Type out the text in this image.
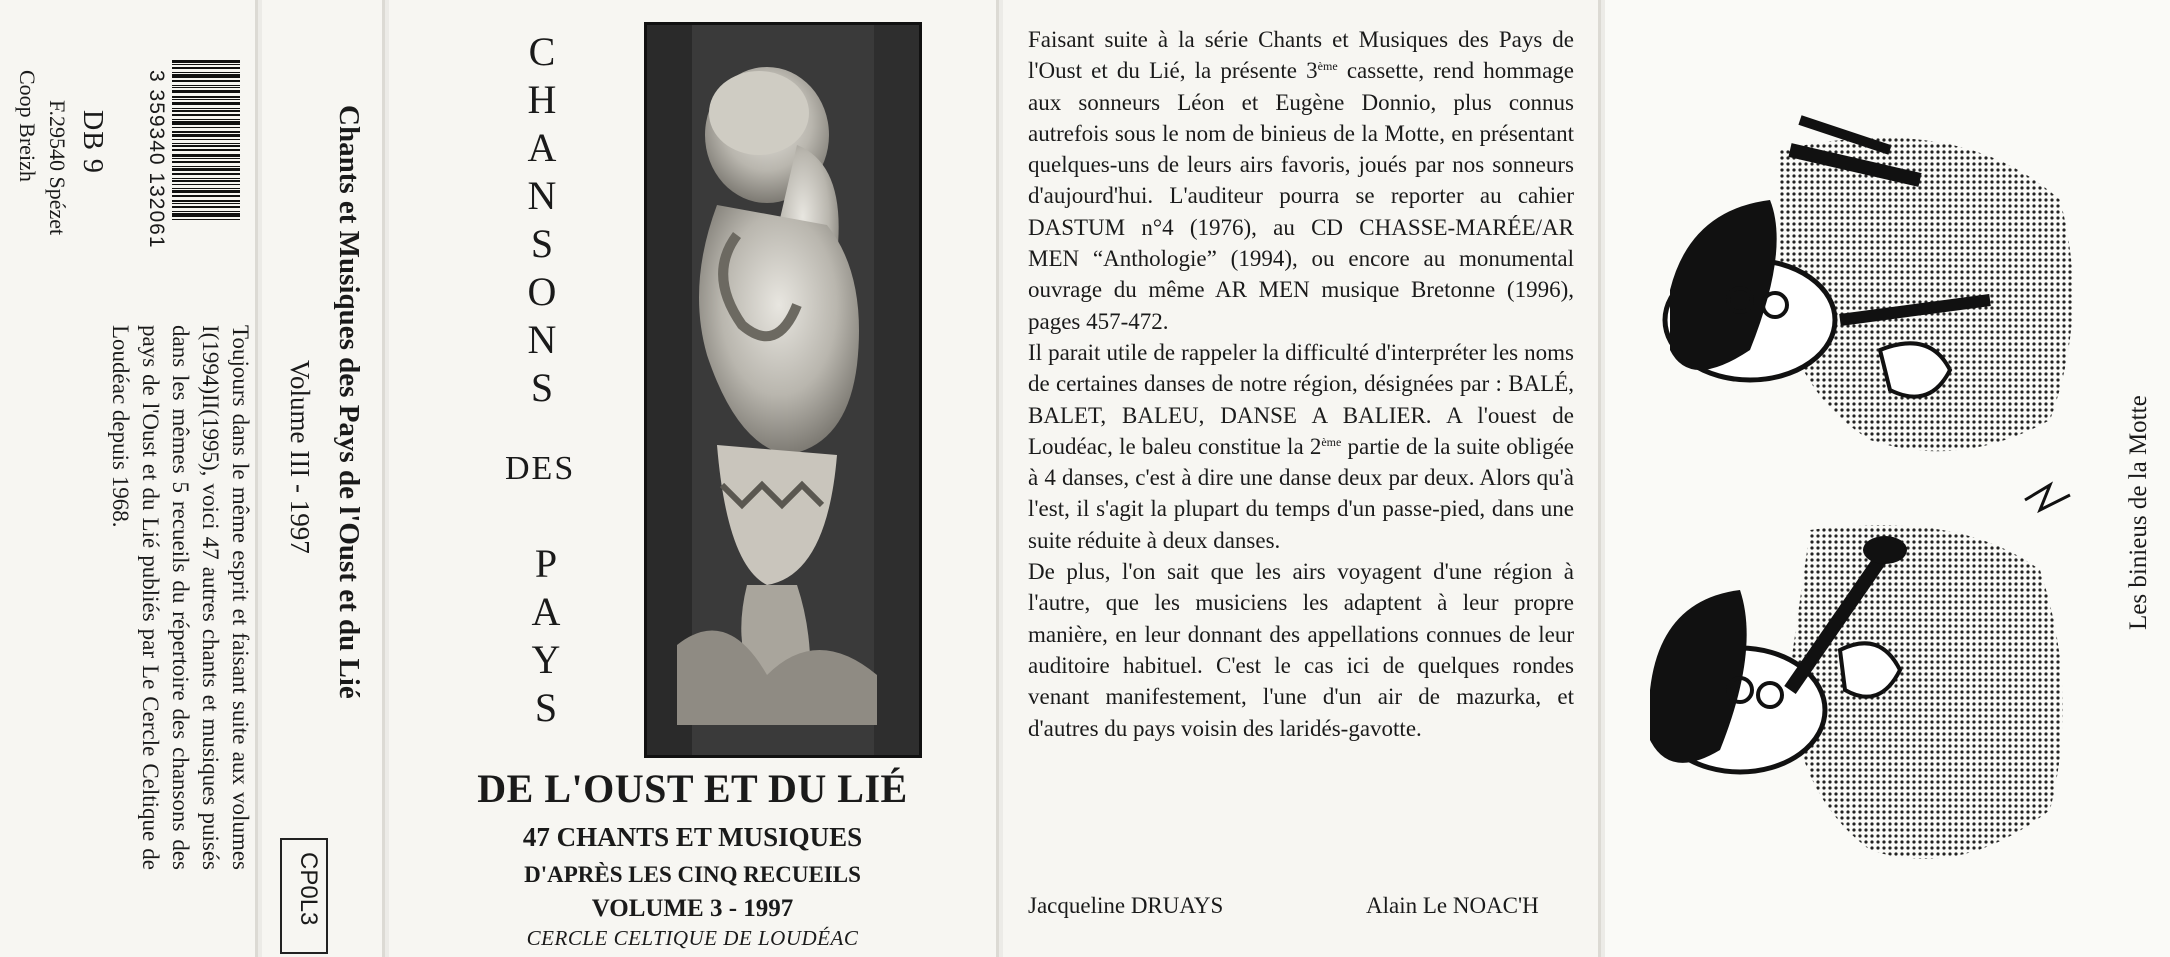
Coop Breizh F.29540 Spézet DB 9 3 359340 132061
Toujours dans le même esprit et faisant suite aux volumes I(1994)II(1995), voici 47 autres chants et musiques puisés dans les mêmes 5 recueils du répertoire des chansons des pays de l'Oust et du Lié publiés par Le Cercle Celtique de Loudéac depuis 1968.	Chants et Musiques des Pays de l'Oust et du Lié
Volume III - 1997
CP0L3
C
H
A
N
S
O
N
S
DES
P
A
Y
S
DE L'OUST ET DU LIÉ
47 CHANTS ET MUSIQUES
D'APRÈS LES CINQ RECUEILS
VOLUME 3 - 1997
CERCLE CELTIQUE DE LOUDÉAC

Faisant suite à la série Chants et Musiques des Pays de l'Oust et du Lié, la présente 3ème cassette, rend hommage aux sonneurs Léon et Eugène Donnio, plus connus autrefois sous le nom de binieus de la Motte, en présentant quelques-uns de leurs airs favoris, joués par nos sonneurs d'aujourd'hui. L'auditeur pourra se reporter au cahier DASTUM n°4 (1976), au CD CHASSE-MARÉE/AR MEN “Anthologie” (1994), ou encore au monumental ouvrage du même AR MEN musique Bretonne (1996), pages 457-472.

Il parait utile de rappeler la difficulté d'interpréter les noms de certaines danses de notre région, désignées par : BALÉ, BALET, BALEU, DANSE A BALIER. A l'ouest de Loudéac, le baleu constitue la 2ème partie de la suite obligée à 4 danses, c'est à dire une danse deux par deux. Alors qu'à l'est, il s'agit la plupart du temps d'un passe-pied, dans une suite réduite à deux danses.

De plus, l'on sait que les airs voyagent d'une région à l'autre, que les musiciens les adaptent à leur propre manière, en leur donnant des appellations connues de leur auditoire habituel. C'est le cas ici de quelques rondes venant manifestement, l'une d'un air de mazurka, et d'autres du pays voisin des laridés-gavotte.

Jacqueline DRUAYS	Alain Le NOAC'H
Les binieus de la Motte
